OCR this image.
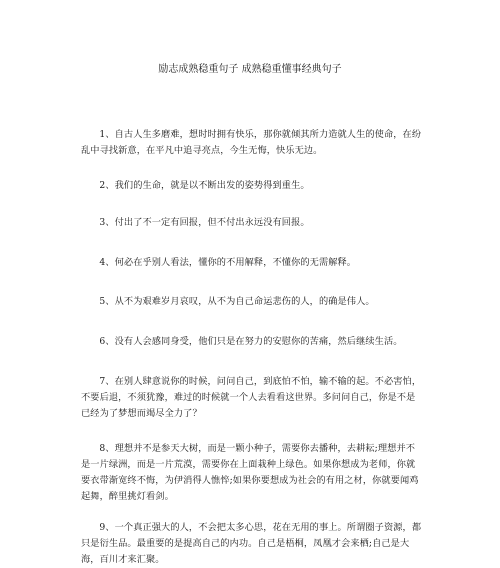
励志成熟稳重句子 成熟稳重懂事经典句子

1、自古人生多磨难，想时时拥有快乐，那你就倾其所力造就人生的使命，在纷乱中寻找新意，在平凡中追寻亮点，今生无悔，快乐无边。

2、我们的生命，就是以不断出发的姿势得到重生。

3、付出了不一定有回报，但不付出永远没有回报。

4、何必在乎别人看法，懂你的不用解释，不懂你的无需解释。

5、从不为艰难岁月哀叹，从不为自己命运悲伤的人，的确是伟人。

6、没有人会感同身受，他们只是在努力的安慰你的苦痛，然后继续生活。

7、在别人肆意说你的时候，问问自己，到底怕不怕，输不输的起。不必害怕，不要后退，不须犹豫，难过的时候就一个人去看看这世界。多问问自己，你是不是已经为了梦想而竭尽全力了？

8、理想并不是参天大树，而是一颗小种子，需要你去播种，去耕耘;理想并不是一片绿洲，而是一片荒漠，需要你在上面栽种上绿色。如果你想成为老师，你就要衣带渐宽终不悔，为伊消得人憔悴;如果你要想成为社会的有用之材，你就要闻鸡起舞，醉里挑灯看剑。

9、一个真正强大的人，不会把太多心思，花在无用的事上。所谓圈子资源，都只是衍生品。最重要的是提高自己的内功。自己是梧桐，凤凰才会来栖;自己是大海，百川才来汇聚。
